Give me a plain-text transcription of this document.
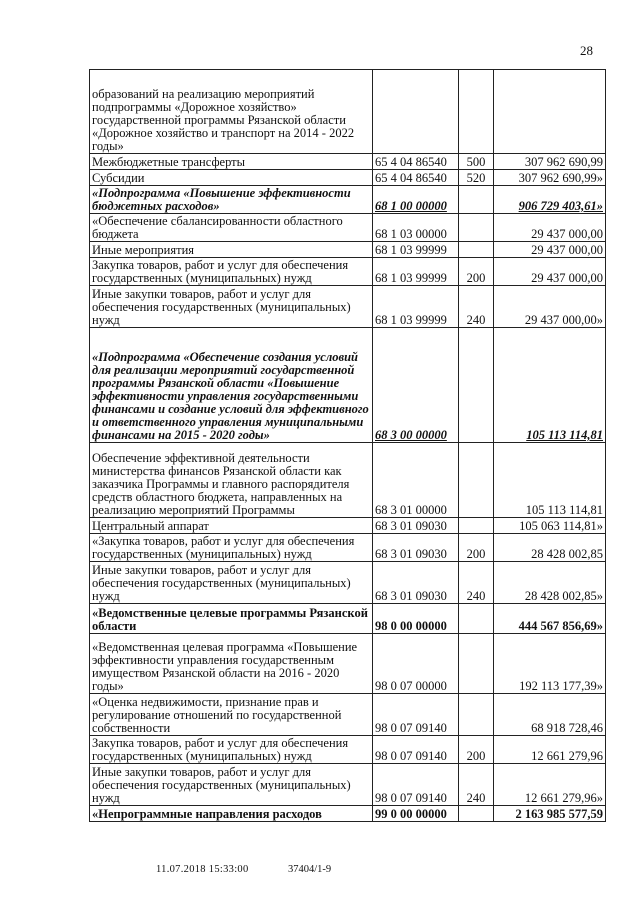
28
образований на реализацию мероприятий подпрограммы «Дорожное хозяйство» государственной программы Рязанской области «Дорожное хозяйство и транспорт на 2014 - 2022 годы»			
Межбюджетные трансферты	65 4 04 86540	500	307 962 690,99
Субсидии	65 4 04 86540	520	307 962 690,99»
«Подпрограмма «Повышение эффективности бюджетных расходов»	68 1 00 00000		906 729 403,61»
«Обеспечение сбалансированности областного бюджета	68 1 03 00000		29 437 000,00
Иные мероприятия	68 1 03 99999		29 437 000,00
Закупка товаров, работ и услуг для обеспечения государственных (муниципальных) нужд	68 1 03 99999	200	29 437 000,00
Иные закупки товаров, работ и услуг для обеспечения государственных (муниципальных) нужд	68 1 03 99999	240	29 437 000,00»
«Подпрограмма «Обеспечение создания условий для реализации мероприятий государственной программы Рязанской области «Повышение эффективности управления государственными финансами и создание условий для эффективного и ответственного управления муниципальными финансами на 2015 - 2020 годы»	68 3 00 00000		105 113 114,81
Обеспечение эффективной деятельности министерства финансов Рязанской области как заказчика Программы и главного распорядителя средств областного бюджета, направленных на реализацию мероприятий Программы	68 3 01 00000		105 113 114,81
Центральный аппарат	68 3 01 09030		105 063 114,81»
«Закупка товаров, работ и услуг для обеспечения государственных (муниципальных) нужд	68 3 01 09030	200	28 428 002,85
Иные закупки товаров, работ и услуг для обеспечения государственных (муниципальных) нужд	68 3 01 09030	240	28 428 002,85»
«Ведомственные целевые программы Рязанской области	98 0 00 00000		444 567 856,69»
«Ведомственная целевая программа «Повышение эффективности управления государственным имуществом Рязанской области на 2016 - 2020 годы»	98 0 07 00000		192 113 177,39»
«Оценка недвижимости, признание прав и регулирование отношений по государственной собственности	98 0 07 09140		68 918 728,46
Закупка товаров, работ и услуг для обеспечения государственных (муниципальных) нужд	98 0 07 09140	200	12 661 279,96
Иные закупки товаров, работ и услуг для обеспечения государственных (муниципальных) нужд	98 0 07 09140	240	12 661 279,96»
«Непрограммные направления расходов	99 0 00 00000		2 163 985 577,59
11.07.2018 15:33:00	37404/1-9
